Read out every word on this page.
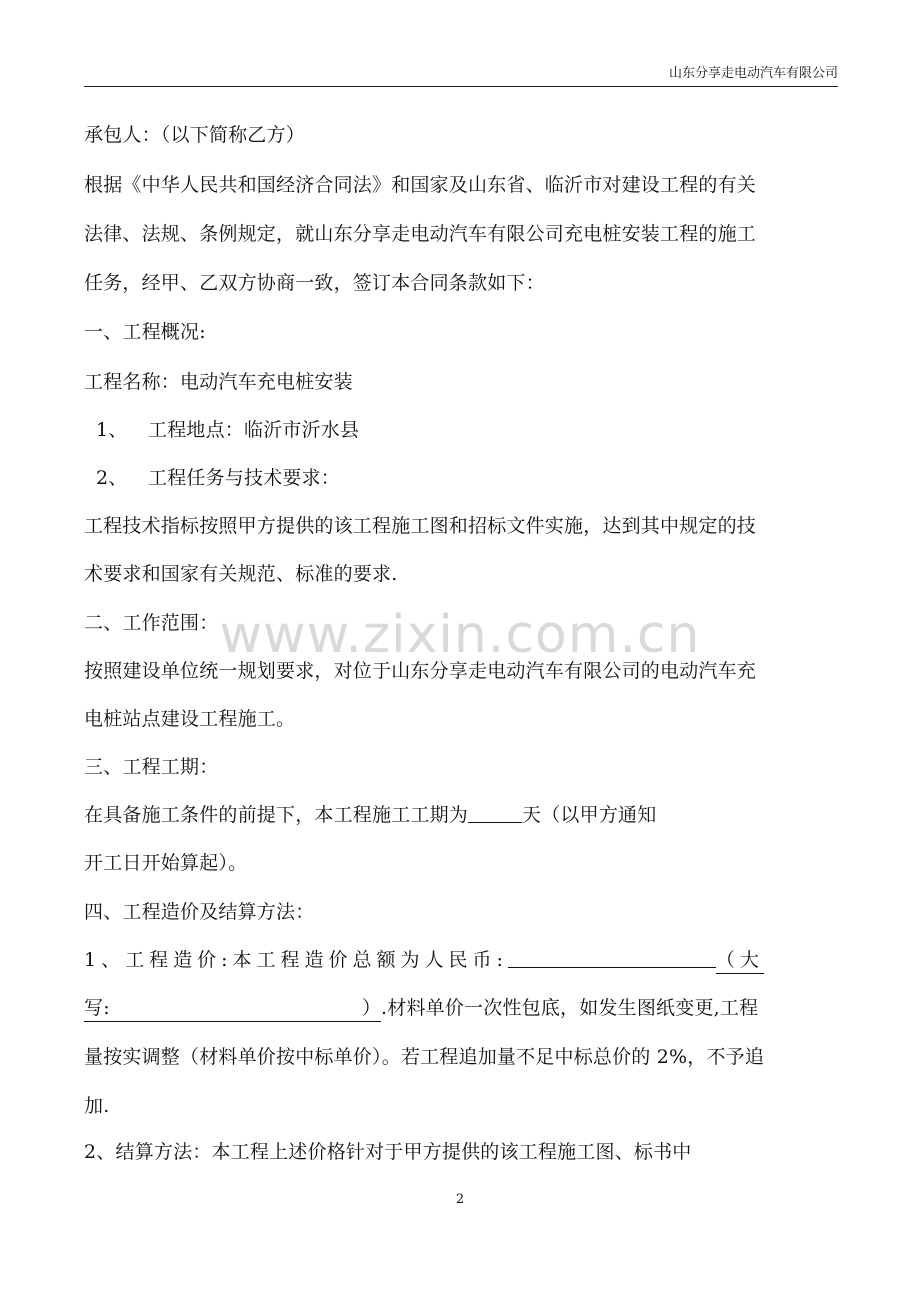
山东分享走电动汽车有限公司
www.zixin.com.cn
承包人：（以下简称乙方）
根据《中华人民共和国经济合同法》和国家及山东省、临沂市对建设工程的有关
法律、法规、条例规定，就山东分享走电动汽车有限公司充电桩安装工程的施工
任务，经甲、乙双方协商一致，签订本合同条款如下：
一、工程概况:
工程名称：电动汽车充电桩安装
1、 工程地点：临沂市沂水县
2、 工程任务与技术要求：
工程技术指标按照甲方提供的该工程施工图和招标文件实施，达到其中规定的技
术要求和国家有关规范、标准的要求.
二、工作范围：
按照建设单位统一规划要求，对位于山东分享走电动汽车有限公司的电动汽车充
电桩站点建设工程施工。
三、工程工期：
在具备施工条件的前提下，本工程施工工期为	天（以甲方通知
开工日开始算起）。
四、工程造价及结算方法：
1、工程造价:本工程造价总额为人民币:	（大
写:	）.材料单价一次性包底，如发生图纸变更,工程
量按实调整（材料单价按中标单价）。若工程追加量不足中标总价的 2%，不予追
加.
2、结算方法：本工程上述价格针对于甲方提供的该工程施工图、标书中
2
